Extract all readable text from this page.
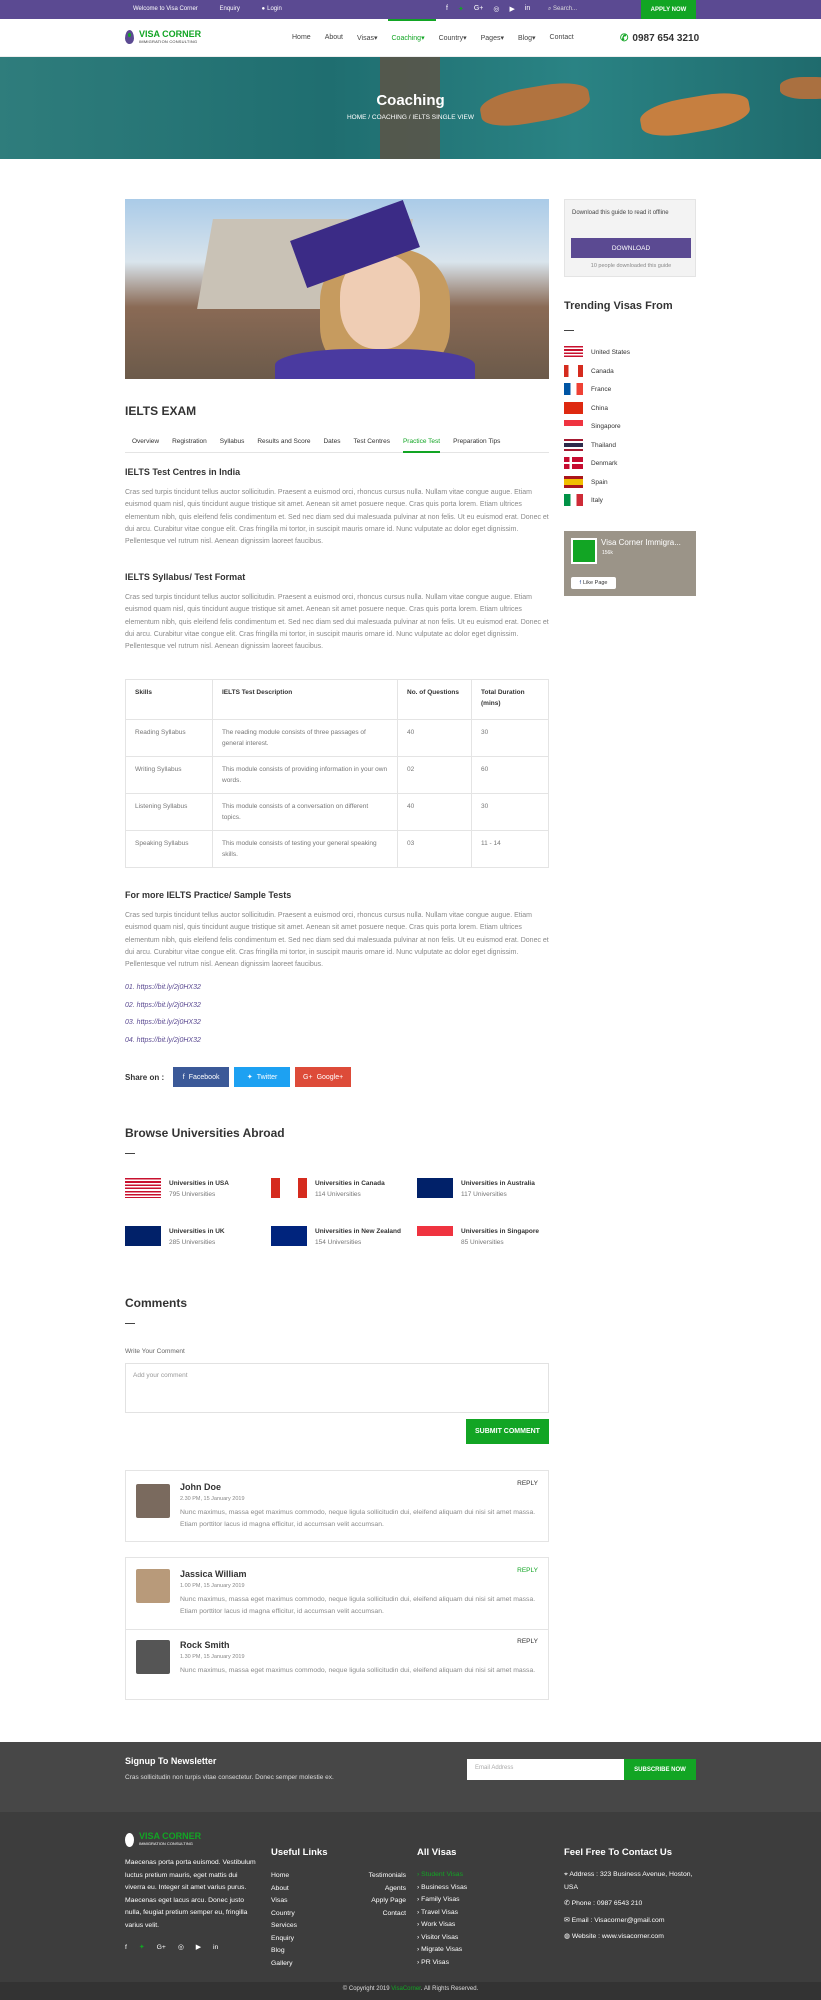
Welcome to Visa Corner	Enquiry	● Login	f ✦ G+ ◎ ▶ in	⌕ Search...	APPLY NOW
VISA CORNER
IMMIGRATION CONSULTING
Home About Visas▾ Coaching▾ Country▾ Pages▾ Blog▾ Contact	✆ 0987 654 3210
Coaching
HOME / COACHING / IELTS SINGLE VIEW
IELTS EXAM
Overview Registration Syllabus Results and Score Dates Test Centres Practice Test Preparation Tips
IELTS Test Centres in India
Cras sed turpis tincidunt tellus auctor sollicitudin. Praesent a euismod orci, rhoncus cursus nulla. Nullam vitae congue augue. Etiam euismod quam nisl, quis tincidunt augue tristique sit amet. Aenean sit amet posuere neque. Cras quis porta lorem. Etiam ultrices elementum nibh, quis eleifend felis condimentum et. Sed nec diam sed dui malesuada pulvinar at non felis. Ut eu euismod erat. Donec et dui arcu. Curabitur vitae congue elit. Cras fringilla mi tortor, in suscipit mauris ornare id. Nunc vulputate ac dolor eget dignissim. Pellentesque vel rutrum nisl. Aenean dignissim laoreet faucibus.
IELTS Syllabus/ Test Format
Cras sed turpis tincidunt tellus auctor sollicitudin. Praesent a euismod orci, rhoncus cursus nulla. Nullam vitae congue augue. Etiam euismod quam nisl, quis tincidunt augue tristique sit amet. Aenean sit amet posuere neque. Cras quis porta lorem. Etiam ultrices elementum nibh, quis eleifend felis condimentum et. Sed nec diam sed dui malesuada pulvinar at non felis. Ut eu euismod erat. Donec et dui arcu. Curabitur vitae congue elit. Cras fringilla mi tortor, in suscipit mauris ornare id. Nunc vulputate ac dolor eget dignissim. Pellentesque vel rutrum nisl. Aenean dignissim laoreet faucibus.
Skills	IELTS Test Description	No. of Questions	Total Duration (mins)
Reading Syllabus	The reading module consists of three passages of general interest.	40	30
Writing Syllabus	This module consists of providing information in your own words.	02	60
Listening Syllabus	This module consists of a conversation on different topics.	40	30
Speaking Syllabus	This module consists of testing your general speaking skills.	03	11 - 14
For more IELTS Practice/ Sample Tests
Cras sed turpis tincidunt tellus auctor sollicitudin. Praesent a euismod orci, rhoncus cursus nulla. Nullam vitae congue augue. Etiam euismod quam nisl, quis tincidunt augue tristique sit amet. Aenean sit amet posuere neque. Cras quis porta lorem. Etiam ultrices elementum nibh, quis eleifend felis condimentum et. Sed nec diam sed dui malesuada pulvinar at non felis. Ut eu euismod erat. Donec et dui arcu. Curabitur vitae congue elit. Cras fringilla mi tortor, in suscipit mauris ornare id. Nunc vulputate ac dolor eget dignissim. Pellentesque vel rutrum nisl. Aenean dignissim laoreet faucibus.
01. https://bit.ly/2j0HX32
02. https://bit.ly/2j0HX32
03. https://bit.ly/2j0HX32
04. https://bit.ly/2j0HX32
Share on :	f Facebook	✦ Twitter	G+ Google+
Browse Universities Abroad
Universities in USA
795 Universities
Universities in Canada
114 Universities
Universities in Australia
117 Universities
Universities in UK
285 Universities
Universities in New Zealand
154 Universities
Universities in Singapore
85 Universities
Comments
Write Your Comment
Add your comment
SUBMIT COMMENT
John Doe
2.30 PM, 15 January 2019
Nunc maximus, massa eget maximus commodo, neque ligula sollicitudin dui, eleifend aliquam dui nisi sit amet massa. Etiam porttitor lacus id magna efficitur, id accumsan velit accumsan.
REPLY
Jassica William
1.00 PM, 15 January 2019
Nunc maximus, massa eget maximus commodo, neque ligula sollicitudin dui, eleifend aliquam dui nisi sit amet massa. Etiam porttitor lacus id magna efficitur, id accumsan velit accumsan.
REPLY
Rock Smith
1.30 PM, 15 January 2019
Nunc maximus, massa eget maximus commodo, neque ligula sollicitudin dui, eleifend aliquam dui nisi sit amet massa.
REPLY
Download this guide to read it offline
DOWNLOAD
10 people downloaded this guide
Trending Visas From
United States
Canada
France
China
Singapore
Thailand
Denmark
Spain
Italy
Visa Corner Immigra...
156k
f Like Page
Signup To Newsletter
Cras sollicitudin non turpis vitae consectetur. Donec semper molestie ex.
Email Address	SUBSCRIBE NOW
VISA CORNER
IMMIGRATION CONSULTING
Maecenas porta porta euismod. Vestibulum luctus pretium mauris, eget mattis dui viverra eu. Integer sit amet varius purus. Maecenas eget lacus arcu. Donec justo nulla, feugiat pretium semper eu, fringilla varius velit.
f ✦ G+ ◎ ▶ in
Useful Links
Home
About
Visas
Country
Services
Enquiry
Blog
Gallery
Testimonials
Agents
Apply Page
Contact
All Visas
› Student Visas
› Business Visas
› Family Visas
› Travel Visas
› Work Visas
› Visitor Visas
› Migrate Visas
› PR Visas
Feel Free To Contact Us
⌖ Address : 323 Business Avenue, Hoston, USA
✆ Phone : 0987 6543 210
✉ Email : Visacorner@gmail.com
◍ Website : www.visacorner.com
© Copyright 2019 VisaCorner. All Rights Reserved.
